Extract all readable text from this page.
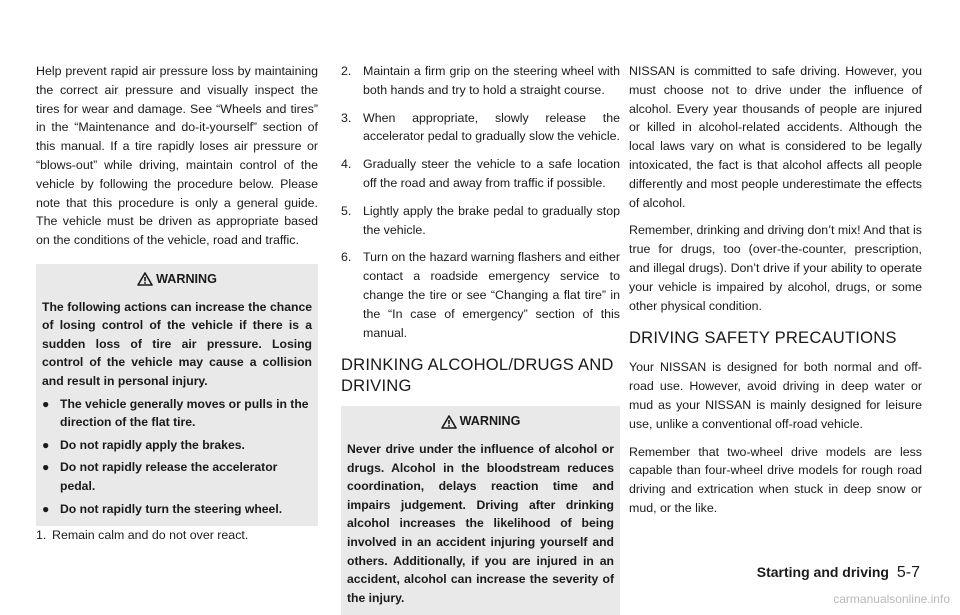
Help prevent rapid air pressure loss by maintaining the correct air pressure and visually inspect the tires for wear and damage. See “Wheels and tires” in the “Maintenance and do-it-yourself” section of this manual. If a tire rapidly loses air pressure or “blows-out” while driving, maintain control of the vehicle by following the procedure below. Please note that this procedure is only a general guide. The vehicle must be driven as appropriate based on the conditions of the vehicle, road and traffic.

WARNING

The following actions can increase the chance of losing control of the vehicle if there is a sudden loss of tire air pressure. Losing control of the vehicle may cause a collision and result in personal injury.

● The vehicle generally moves or pulls in the direction of the flat tire.
● Do not rapidly apply the brakes.
● Do not rapidly release the accelerator pedal.
● Do not rapidly turn the steering wheel.
1. Remain calm and do not over react.
2. Maintain a firm grip on the steering wheel with both hands and try to hold a straight course.
3. When appropriate, slowly release the accelerator pedal to gradually slow the vehicle.
4. Gradually steer the vehicle to a safe location off the road and away from traffic if possible.
5. Lightly apply the brake pedal to gradually stop the vehicle.
6. Turn on the hazard warning flashers and either contact a roadside emergency service to change the tire or see “Changing a flat tire” in the “In case of emergency” section of this manual.
DRINKING ALCOHOL/DRUGS AND DRIVING
WARNING

Never drive under the influence of alcohol or drugs. Alcohol in the bloodstream reduces coordination, delays reaction time and impairs judgement. Driving after drinking alcohol increases the likelihood of being involved in an accident injuring yourself and others. Additionally, if you are injured in an accident, alcohol can increase the severity of the injury.

NISSAN is committed to safe driving. However, you must choose not to drive under the influence of alcohol. Every year thousands of people are injured or killed in alcohol-related accidents. Although the local laws vary on what is considered to be legally intoxicated, the fact is that alcohol affects all people differently and most people underestimate the effects of alcohol.

Remember, drinking and driving don’t mix! And that is true for drugs, too (over-the-counter, prescription, and illegal drugs). Don’t drive if your ability to operate your vehicle is impaired by alcohol, drugs, or some other physical condition.

DRIVING SAFETY PRECAUTIONS

Your NISSAN is designed for both normal and off-road use. However, avoid driving in deep water or mud as your NISSAN is mainly designed for leisure use, unlike a conventional off-road vehicle.

Remember that two-wheel drive models are less capable than four-wheel drive models for rough road driving and extrication when stuck in deep snow or mud, or the like.

Starting and driving 5-7
carmanualsonline.info
